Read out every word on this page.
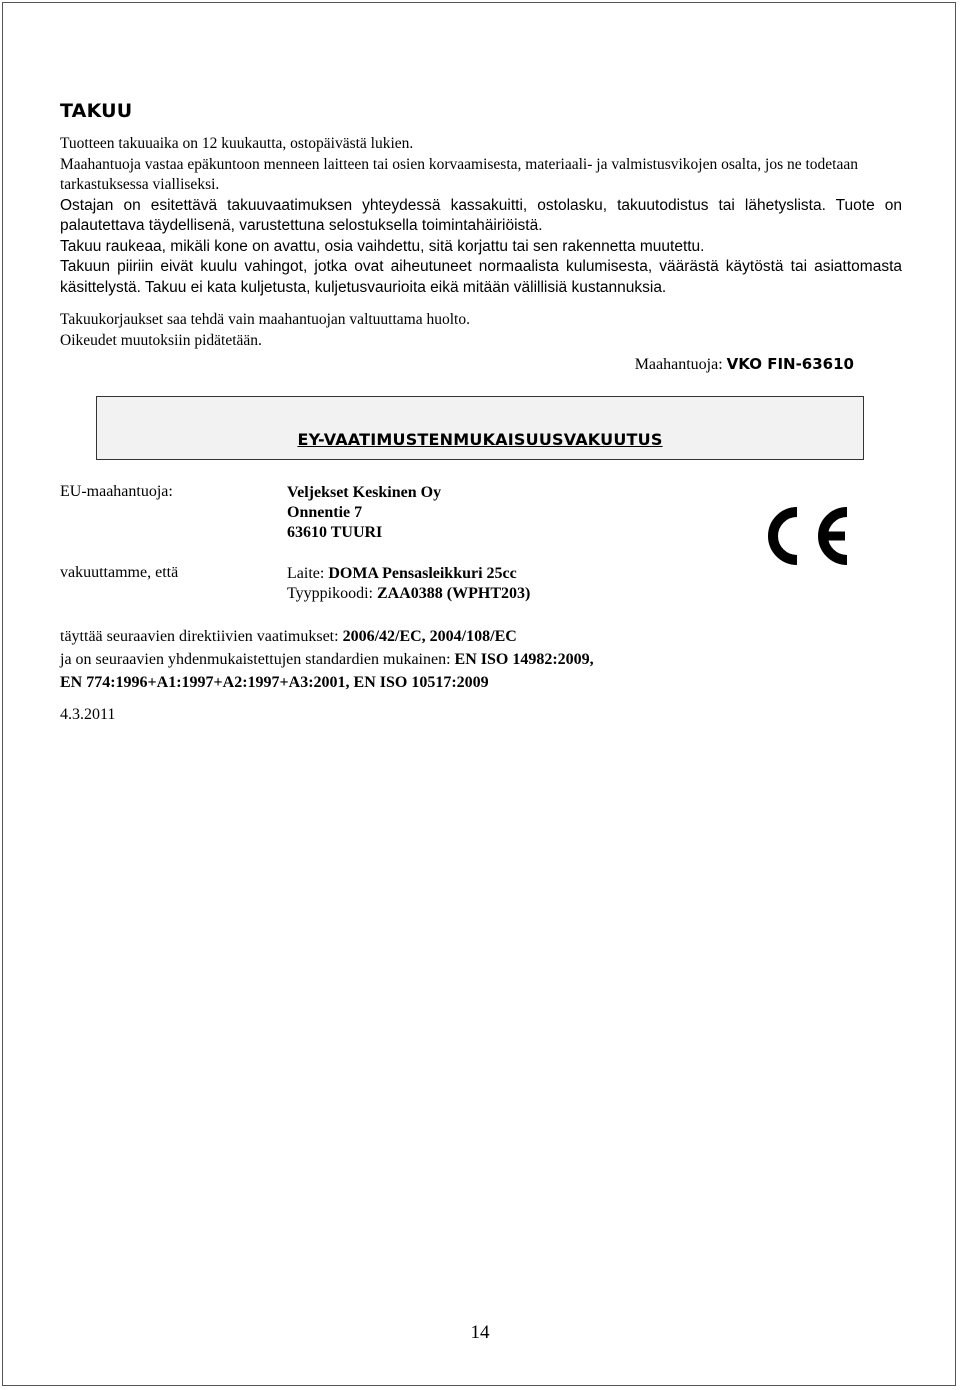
TAKUU

Tuotteen takuuaika on 12 kuukautta, ostopäivästä lukien.

Maahantuoja vastaa epäkuntoon menneen laitteen tai osien korvaamisesta, materiaali- ja valmistusvikojen osalta, jos ne todetaan tarkastuksessa vialliseksi.

Ostajan on esitettävä takuuvaatimuksen yhteydessä kassakuitti, ostolasku, takuutodistus tai lähetyslista. Tuote on palautettava täydellisenä, varustettuna selostuksella toimintahäiriöistä.

Takuu raukeaa, mikäli kone on avattu, osia vaihdettu, sitä korjattu tai sen rakennetta muutettu.

Takuun piiriin eivät kuulu vahingot, jotka ovat aiheutuneet normaalista kulumisesta, väärästä käytöstä tai asiattomasta käsittelystä. Takuu ei kata kuljetusta, kuljetusvaurioita eikä mitään välillisiä kustannuksia.

Takuukorjaukset saa tehdä vain maahantuojan valtuuttama huolto.

Oikeudet muutoksiin pidätetään.

Maahantuoja: VKO FIN-63610
EY-VAATIMUSTENMUKAISUUSVAKUUTUS
EU-maahantuoja:	Veljekset Keskinen Oy
Onnentie 7
63610 TUURI
vakuuttamme, että	Laite: DOMA Pensasleikkuri 25cc
Tyyppikoodi: ZAA0388 (WPHT203)

täyttää seuraavien direktiivien vaatimukset: 2006/42/EC, 2004/108/EC

ja on seuraavien yhdenmukaistettujen standardien mukainen: EN ISO 14982:2009,

EN 774:1996+A1:1997+A2:1997+A3:2001, EN ISO 10517:2009

4.3.2011
14
